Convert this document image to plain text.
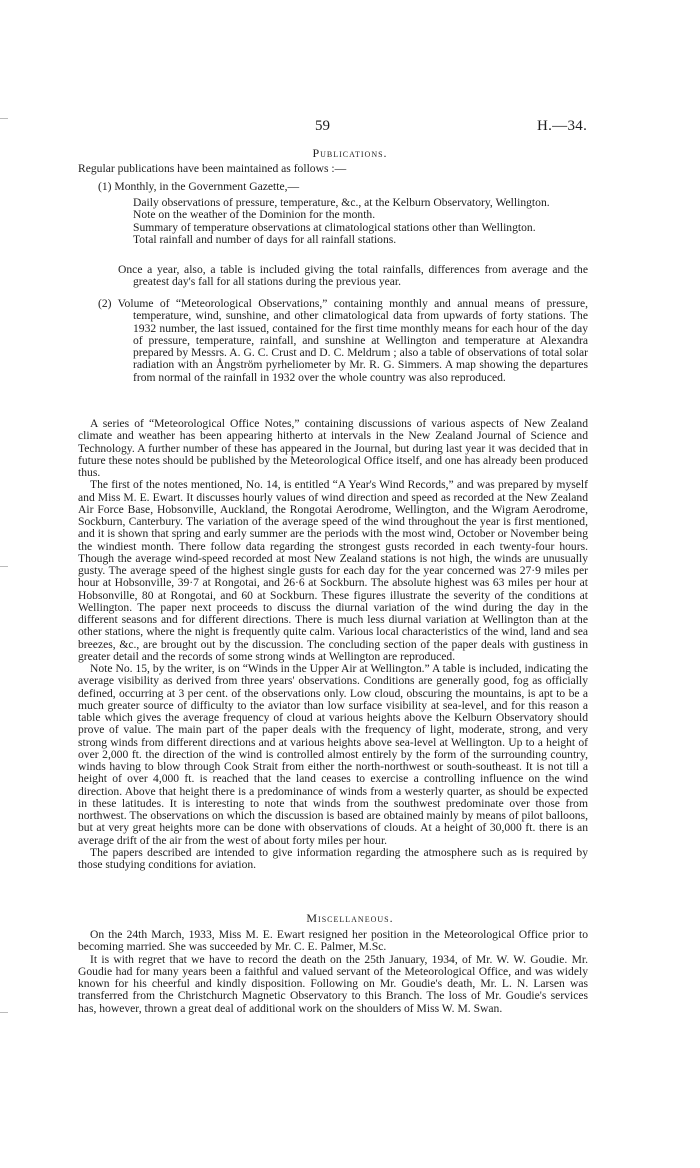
59	H.—34.
Publications.
Regular publications have been maintained as follows :—
(1) Monthly, in the Government Gazette,—

Daily observations of pressure, temperature, &c., at the Kelburn Observatory, Wellington.

Note on the weather of the Dominion for the month.

Summary of temperature observations at climatological stations other than Wellington.

Total rainfall and number of days for all rainfall stations.

Once a year, also, a table is included giving the total rainfalls, differences from average and the greatest day's fall for all stations during the previous year.
(2) Volume of “Meteorological Observations,” containing monthly and annual means of pressure, temperature, wind, sunshine, and other climatological data from upwards of forty stations. The 1932 number, the last issued, contained for the first time monthly means for each hour of the day of pressure, temperature, rainfall, and sunshine at Wellington and temperature at Alexandra prepared by Messrs. A. G. C. Crust and D. C. Meldrum ; also a table of observations of total solar radiation with an Ångström pyrheliometer by Mr. R. G. Simmers. A map showing the departures from normal of the rainfall in 1932 over the whole country was also reproduced.

A series of “Meteorological Office Notes,” containing discussions of various aspects of New Zealand climate and weather has been appearing hitherto at intervals in the New Zealand Journal of Science and Technology. A further number of these has appeared in the Journal, but during last year it was decided that in future these notes should be published by the Meteorological Office itself, and one has already been produced thus.

The first of the notes mentioned, No. 14, is entitled “A Year's Wind Records,” and was prepared by myself and Miss M. E. Ewart. It discusses hourly values of wind direction and speed as recorded at the New Zealand Air Force Base, Hobsonville, Auckland, the Rongotai Aerodrome, Wellington, and the Wigram Aerodrome, Sockburn, Canterbury. The variation of the average speed of the wind throughout the year is first mentioned, and it is shown that spring and early summer are the periods with the most wind, October or November being the windiest month. There follow data regarding the strongest gusts recorded in each twenty-four hours. Though the average wind-speed recorded at most New Zealand stations is not high, the winds are unusually gusty. The average speed of the highest single gusts for each day for the year concerned was 27·9 miles per hour at Hobsonville, 39·7 at Rongotai, and 26·6 at Sockburn. The absolute highest was 63 miles per hour at Hobsonville, 80 at Rongotai, and 60 at Sockburn. These figures illustrate the severity of the conditions at Wellington. The paper next proceeds to discuss the diurnal variation of the wind during the day in the different seasons and for different directions. There is much less diurnal variation at Wellington than at the other stations, where the night is frequently quite calm. Various local characteristics of the wind, land and sea breezes, &c., are brought out by the discussion. The concluding section of the paper deals with gustiness in greater detail and the records of some strong winds at Wellington are reproduced.

Note No. 15, by the writer, is on “Winds in the Upper Air at Wellington.” A table is included, indicating the average visibility as derived from three years' observations. Conditions are generally good, fog as officially defined, occurring at 3 per cent. of the observations only. Low cloud, obscuring the mountains, is apt to be a much greater source of difficulty to the aviator than low surface visibility at sea-level, and for this reason a table which gives the average frequency of cloud at various heights above the Kelburn Observatory should prove of value. The main part of the paper deals with the frequency of light, moderate, strong, and very strong winds from different directions and at various heights above sea-level at Wellington. Up to a height of over 2,000 ft. the direction of the wind is controlled almost entirely by the form of the surrounding country, winds having to blow through Cook Strait from either the north-northwest or south-southeast. It is not till a height of over 4,000 ft. is reached that the land ceases to exercise a controlling influence on the wind direction. Above that height there is a predominance of winds from a westerly quarter, as should be expected in these latitudes. It is interesting to note that winds from the southwest predominate over those from northwest. The observations on which the discussion is based are obtained mainly by means of pilot balloons, but at very great heights more can be done with observations of clouds. At a height of 30,000 ft. there is an average drift of the air from the west of about forty miles per hour.

The papers described are intended to give information regarding the atmosphere such as is required by those studying conditions for aviation.

Miscellaneous.

On the 24th March, 1933, Miss M. E. Ewart resigned her position in the Meteorological Office prior to becoming married. She was succeeded by Mr. C. E. Palmer, M.Sc.

It is with regret that we have to record the death on the 25th January, 1934, of Mr. W. W. Goudie. Mr. Goudie had for many years been a faithful and valued servant of the Meteorological Office, and was widely known for his cheerful and kindly disposition. Following on Mr. Goudie's death, Mr. L. N. Larsen was transferred from the Christchurch Magnetic Observatory to this Branch. The loss of Mr. Goudie's services has, however, thrown a great deal of additional work on the shoulders of Miss W. M. Swan.
